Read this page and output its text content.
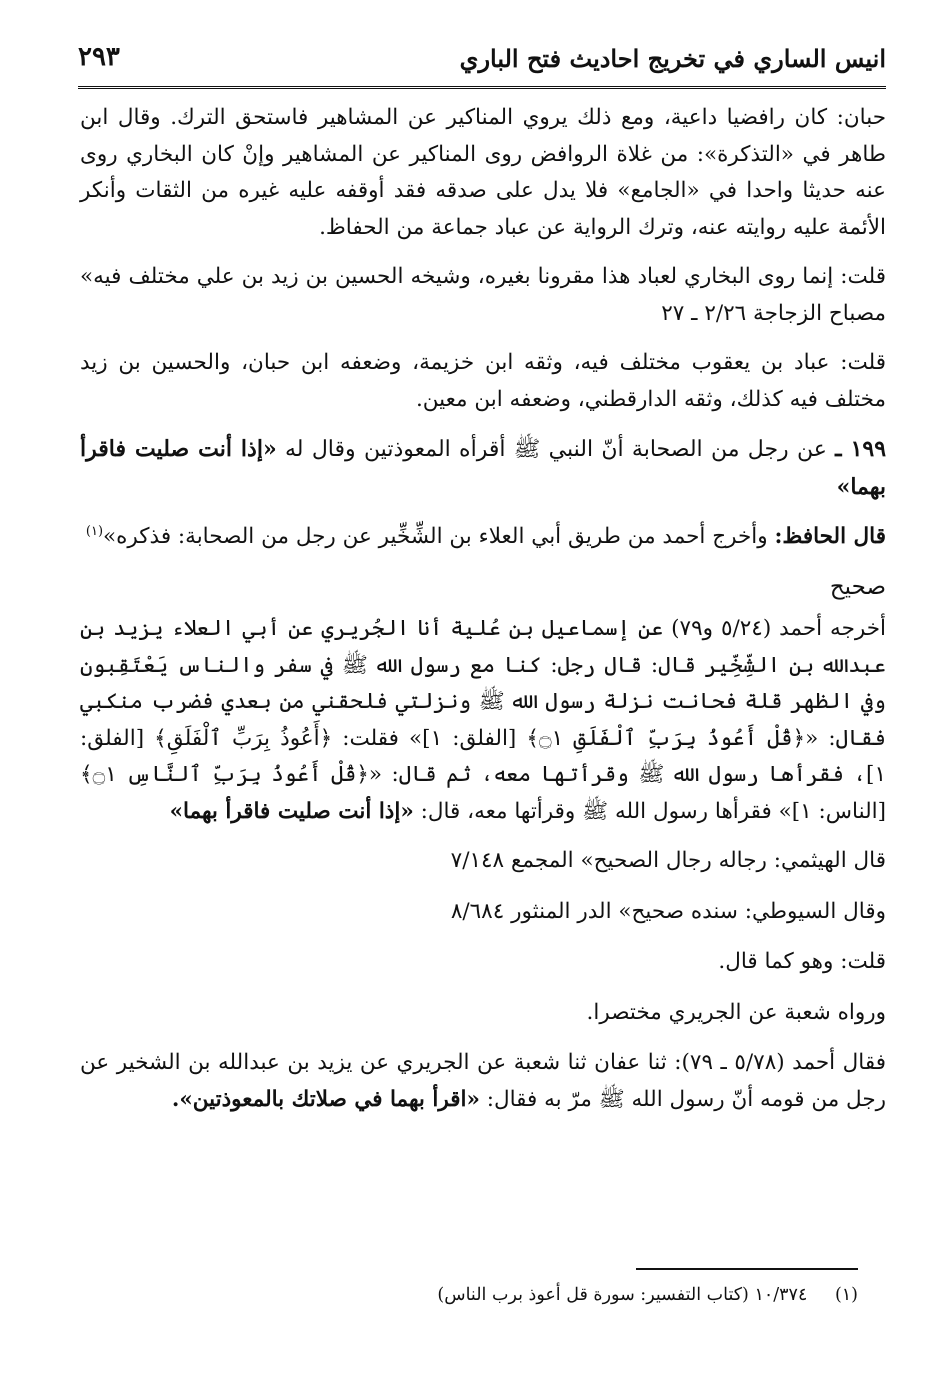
انيس الساري في تخريج احاديث فتح الباري
٢٩٣

حبان: كان رافضيا داعية، ومع ذلك يروي المناكير عن المشاهير فاستحق الترك. وقال ابن طاهر في «التذكرة»: من غلاة الروافض روى المناكير عن المشاهير وإنْ كان البخاري روى عنه حديثا واحدا في «الجامع» فلا يدل على صدقه فقد أوقفه عليه غيره من الثقات وأنكر الأئمة عليه روايته عنه، وترك الرواية عن عباد جماعة من الحفاظ.

قلت: إنما روى البخاري لعباد هذا مقرونا بغيره، وشيخه الحسين بن زيد بن علي مختلف فيه» مصباح الزجاجة ٢/٢٦ ـ ٢٧

قلت: عباد بن يعقوب مختلف فيه، وثقه ابن خزيمة، وضعفه ابن حبان، والحسين بن زيد مختلف فيه كذلك، وثقه الدارقطني، وضعفه ابن معين.

١٩٩ ـ عن رجل من الصحابة أنّ النبي ﷺ أقرأه المعوذتين وقال له «إذا أنت صليت فاقرأ بهما»

قال الحافظ: وأخرج أحمد من طريق أبي العلاء بن الشِّخِّير عن رجل من الصحابة: فذكره»$^{(١)}$

صحيح

أخرجه أحمد (٥/٢٤ و٧٩) عن إسماعيل بن عُلية أنا الجُريري عن أبي العلاء يزيد بن عبدالله بن الشِّخِّير قال: قال رجل: كنا مع رسول الله ﷺ في سفر والناس يَعْتَقِبون وفي الظهر قلة فحانت نزلة رسول الله ﷺ ونزلتي فلحقني من بعدي فضرب منكبي فقال: «﴿قُلْ أَعُوذُ بِرَبِّ ٱلْفَلَقِ ۝١﴾ [الفلق: ١]» فقلت: ﴿أَعُوذُ بِرَبِّ ٱلْفَلَقِ﴾ [الفلق: ١]، فقرأها رسول الله ﷺ وقرأتها معه، ثم قال: «﴿قُلْ أَعُوذُ بِرَبِّ ٱلنَّاسِ ۝١﴾ [الناس: ١]» فقرأها رسول الله ﷺ وقرأتها معه، قال: «إذا أنت صليت فاقرأ بهما»

قال الهيثمي: رجاله رجال الصحيح» المجمع ٧/١٤٨

وقال السيوطي: سنده صحيح» الدر المنثور ٨/٦٨٤

قلت: وهو كما قال.

ورواه شعبة عن الجريري مختصرا.

فقال أحمد (٥/٧٨ ـ ٧٩): ثنا عفان ثنا شعبة عن الجريري عن يزيد بن عبدالله بن الشخير عن رجل من قومه أنّ رسول الله ﷺ مرّ به فقال: «اقرأ بهما في صلاتك بالمعوذتين».

(١) ١٠/٣٧٤ (كتاب التفسير: سورة قل أعوذ برب الناس)
